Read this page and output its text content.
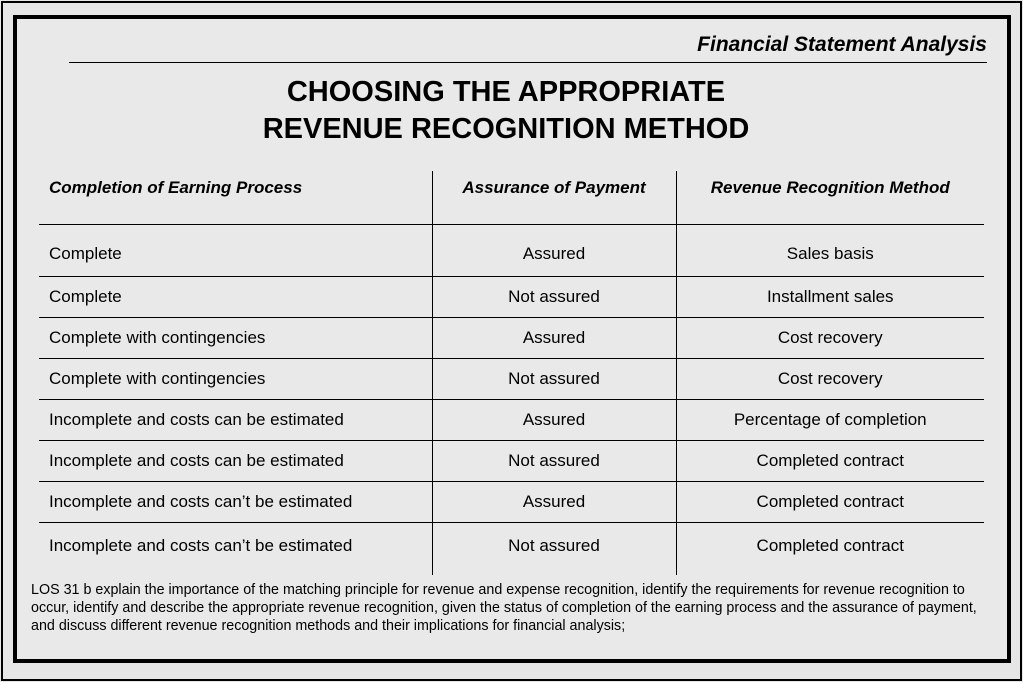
Financial Statement Analysis
CHOOSING THE APPROPRIATE
REVENUE RECOGNITION METHOD
Completion of Earning Process	Assurance of Payment	Revenue Recognition Method
Complete	Assured	Sales basis
Complete	Not assured	Installment sales
Complete with contingencies	Assured	Cost recovery
Complete with contingencies	Not assured	Cost recovery
Incomplete and costs can be estimated	Assured	Percentage of completion
Incomplete and costs can be estimated	Not assured	Completed contract
Incomplete and costs can’t be estimated	Assured	Completed contract
Incomplete and costs can’t be estimated	Not assured	Completed contract
LOS 31 b explain the importance of the matching principle for revenue and expense recognition, identify the requirements for revenue recognition to occur, identify and describe the appropriate revenue recognition, given the status of completion of the earning process and the assurance of payment, and discuss different revenue recognition methods and their implications for financial analysis;
